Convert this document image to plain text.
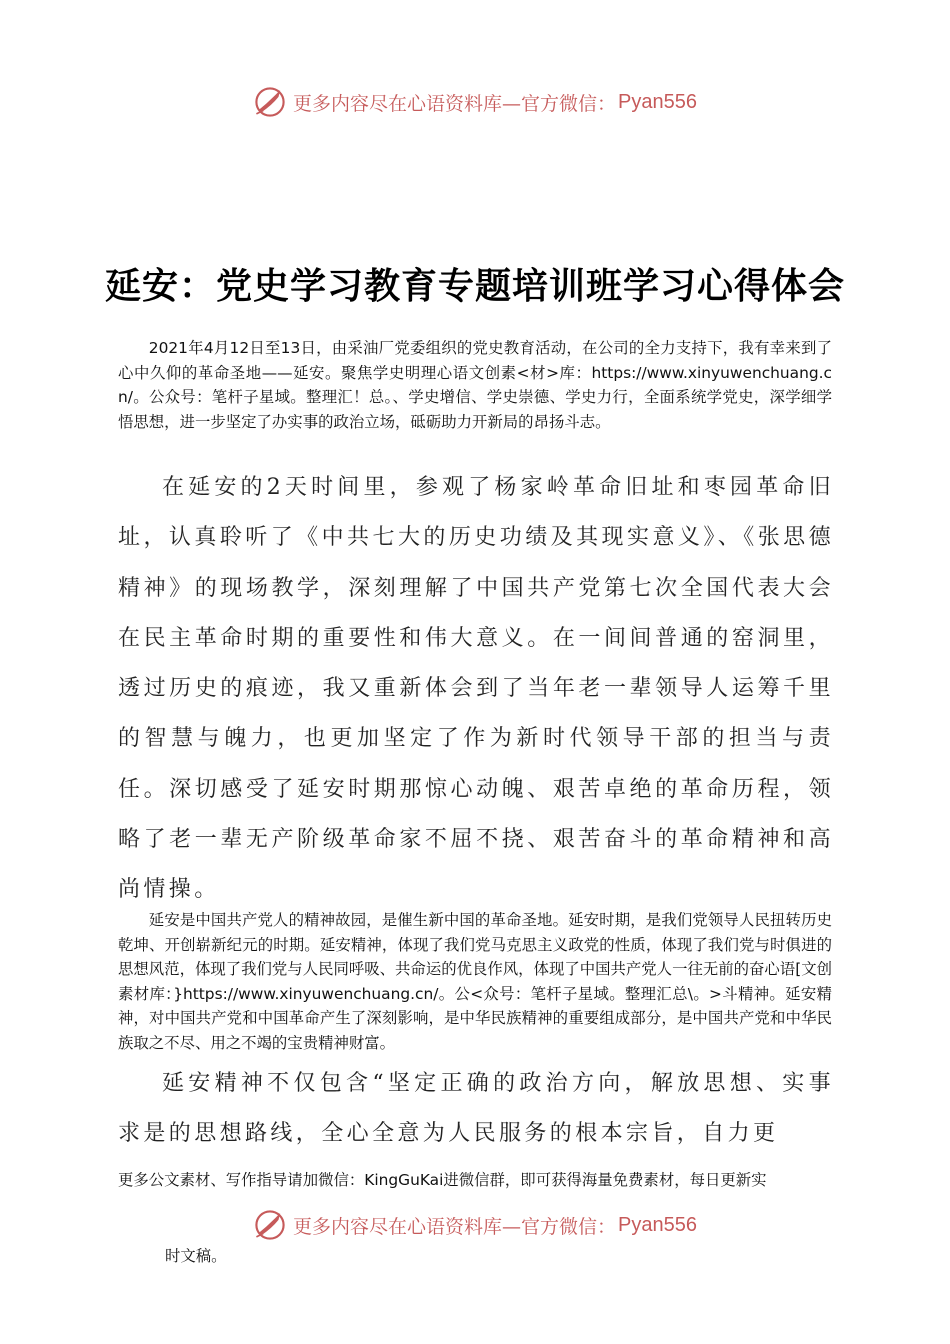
更多内容尽在心语资料库—官方微信： Pyan556
延安：党史学习教育专题培训班学习心得体会

2021年4月12日至13日，由采油厂党委组织的党史教育活动，在公司的全力支持下，我有幸来到了心中久仰的革命圣地——延安。聚焦学史明理心语文创素<材>库：https://www.xinyuwenchuang.cn/。公众号：笔杆子星域。整理汇！总。、学史增信、学史崇德、学史力行，全面系统学党史，深学细学悟思想，进一步坚定了办实事的政治立场，砥砺助力开新局的昂扬斗志。

在延安的2天时间里，参观了杨家岭革命旧址和枣园革命旧址，认真聆听了《中共七大的历史功绩及其现实意义》、《张思德精神》的现场教学，深刻理解了中国共产党第七次全国代表大会在民主革命时期的重要性和伟大意义。在一间间普通的窑洞里，透过历史的痕迹，我又重新体会到了当年老一辈领导人运筹千里的智慧与魄力，也更加坚定了作为新时代领导干部的担当与责任。深切感受了延安时期那惊心动魄、艰苦卓绝的革命历程，领略了老一辈无产阶级革命家不屈不挠、艰苦奋斗的革命精神和高尚情操。

延安是中国共产党人的精神故园，是催生新中国的革命圣地。延安时期，是我们党领导人民扭转历史乾坤、开创崭新纪元的时期。延安精神，体现了我们党马克思主义政党的性质，体现了我们党与时俱进的思想风范，体现了我们党与人民同呼吸、共命运的优良作风，体现了中国共产党人一往无前的奋心语[文创素材库：}https://www.xinyuwenchuang.cn/。公<众号：笔杆子星域。整理汇总\。>斗精神。延安精神，对中国共产党和中国革命产生了深刻影响，是中华民族精神的重要组成部分，是中国共产党和中华民族取之不尽、用之不竭的宝贵精神财富。

延安精神不仅包含“坚定正确的政治方向，解放思想、实事求是的思想路线，全心全意为人民服务的根本宗旨，自力更

更多公文素材、写作指导请加微信：KingGuKai进微信群，即可获得海量免费素材，每日更新实

更多内容尽在心语资料库—官方微信： Pyan556

时文稿。
